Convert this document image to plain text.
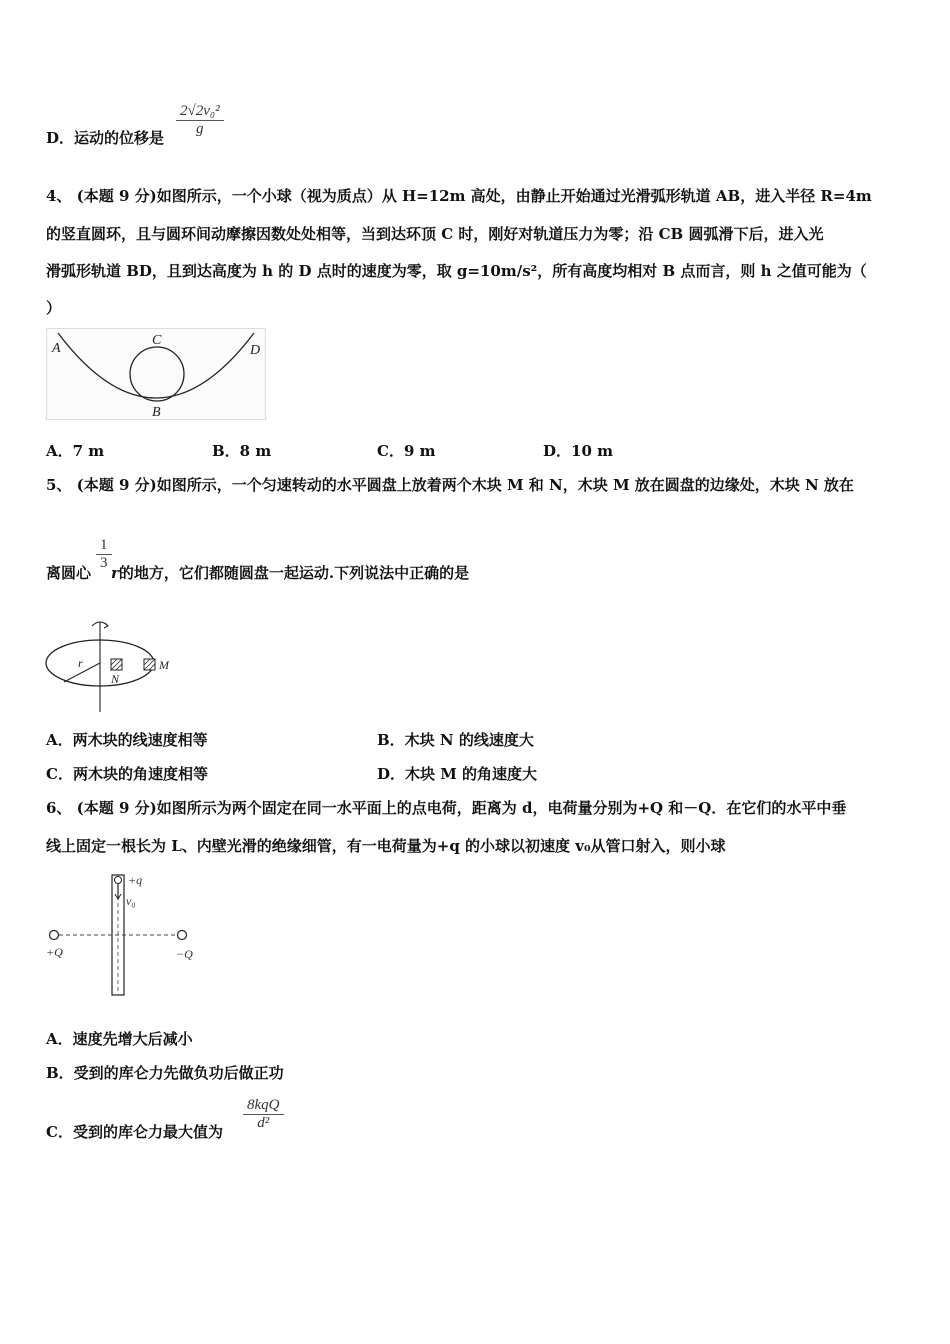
D．运动的位移是
2√2v₀²
g
4、 (本题 9 分)如图所示，一个小球（视为质点）从 H=12m 高处，由静止开始通过光滑弧形轨道 AB，进入半径 R=4m
的竖直圆环，且与圆环间动摩擦因数处处相等，当到达环顶 C 时，刚好对轨道压力为零；沿 CB 圆弧滑下后，进入光
滑弧形轨道 BD，且到达高度为 h 的 D 点时的速度为零，取 g=10m/s²，所有高度均相对 B 点而言，则 h 之值可能为（
）
A
C
D
B
A．7 m	B．8 m	C．9 m	D．10 m
5、 (本题 9 分)如图所示，一个匀速转动的水平圆盘上放着两个木块 M 和 N，木块 M 放在圆盘的边缘处，木块 N 放在
离圆心 r的地方，它们都随圆盘一起运动.下列说法中正确的是
1
3
r
N
M
A．两木块的线速度相等	B．木块 N 的线速度大
C．两木块的角速度相等	D．木块 M 的角速度大
6、 (本题 9 分)如图所示为两个固定在同一水平面上的点电荷，距离为 d，电荷量分别为+Q 和－Q．在它们的水平中垂
线上固定一根长为 L、内壁光滑的绝缘细管，有一电荷量为+q 的小球以初速度 v₀从管口射入，则小球
+q
v₀
+Q	−Q
A．速度先增大后减小
B．受到的库仑力先做负功后做正功
C．受到的库仑力最大值为
8kqQ
d²
